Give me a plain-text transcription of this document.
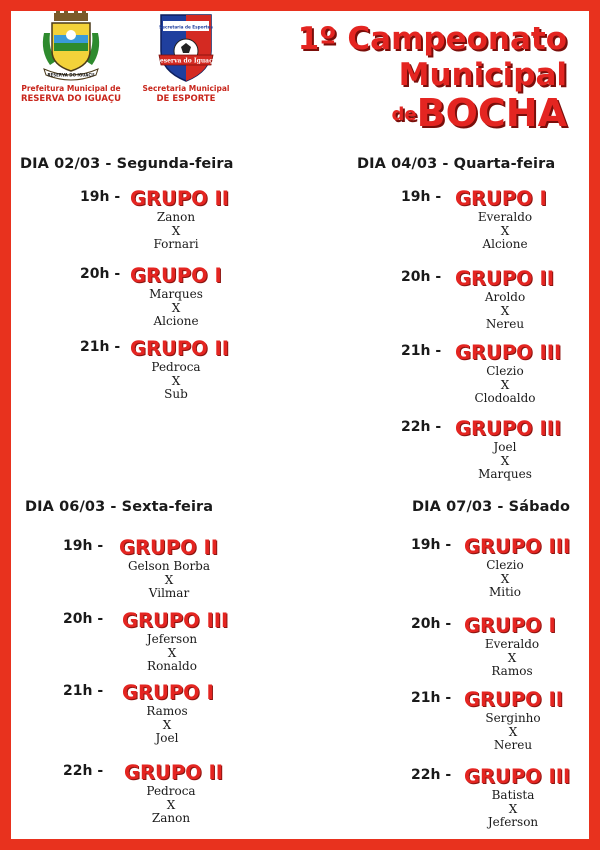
RESERVA DO IGUAÇU
Prefeitura Municipal de
RESERVA DO IGUAÇU
Secretaria de Esportes
Reserva do Iguaçu
Secretaria Municipal
DE ESPORTE
1º Campeonato
Municipal
deBOCHA
DIA 02/03 - Segunda-feira
19h - GRUPO II
Zanon
X
Fornari
20h - GRUPO I
Marques
X
Alcione
21h - GRUPO II
Pedroca
X
Sub
DIA 04/03 - Quarta-feira
19h - GRUPO I
Everaldo
X
Alcione
20h - GRUPO II
Aroldo
X
Nereu
21h - GRUPO III
Clezio
X
Clodoaldo
22h - GRUPO III
Joel
X
Marques
DIA 06/03 - Sexta-feira
19h - GRUPO II
Gelson Borba
X
Vilmar
20h - GRUPO III
Jeferson
X
Ronaldo
21h - GRUPO I
Ramos
X
Joel
22h - GRUPO II
Pedroca
X
Zanon
DIA 07/03 - Sábado
19h - GRUPO III
Clezio
X
Mitio
20h - GRUPO I
Everaldo
X
Ramos
21h - GRUPO II
Serginho
X
Nereu
22h - GRUPO III
Batista
X
Jeferson
